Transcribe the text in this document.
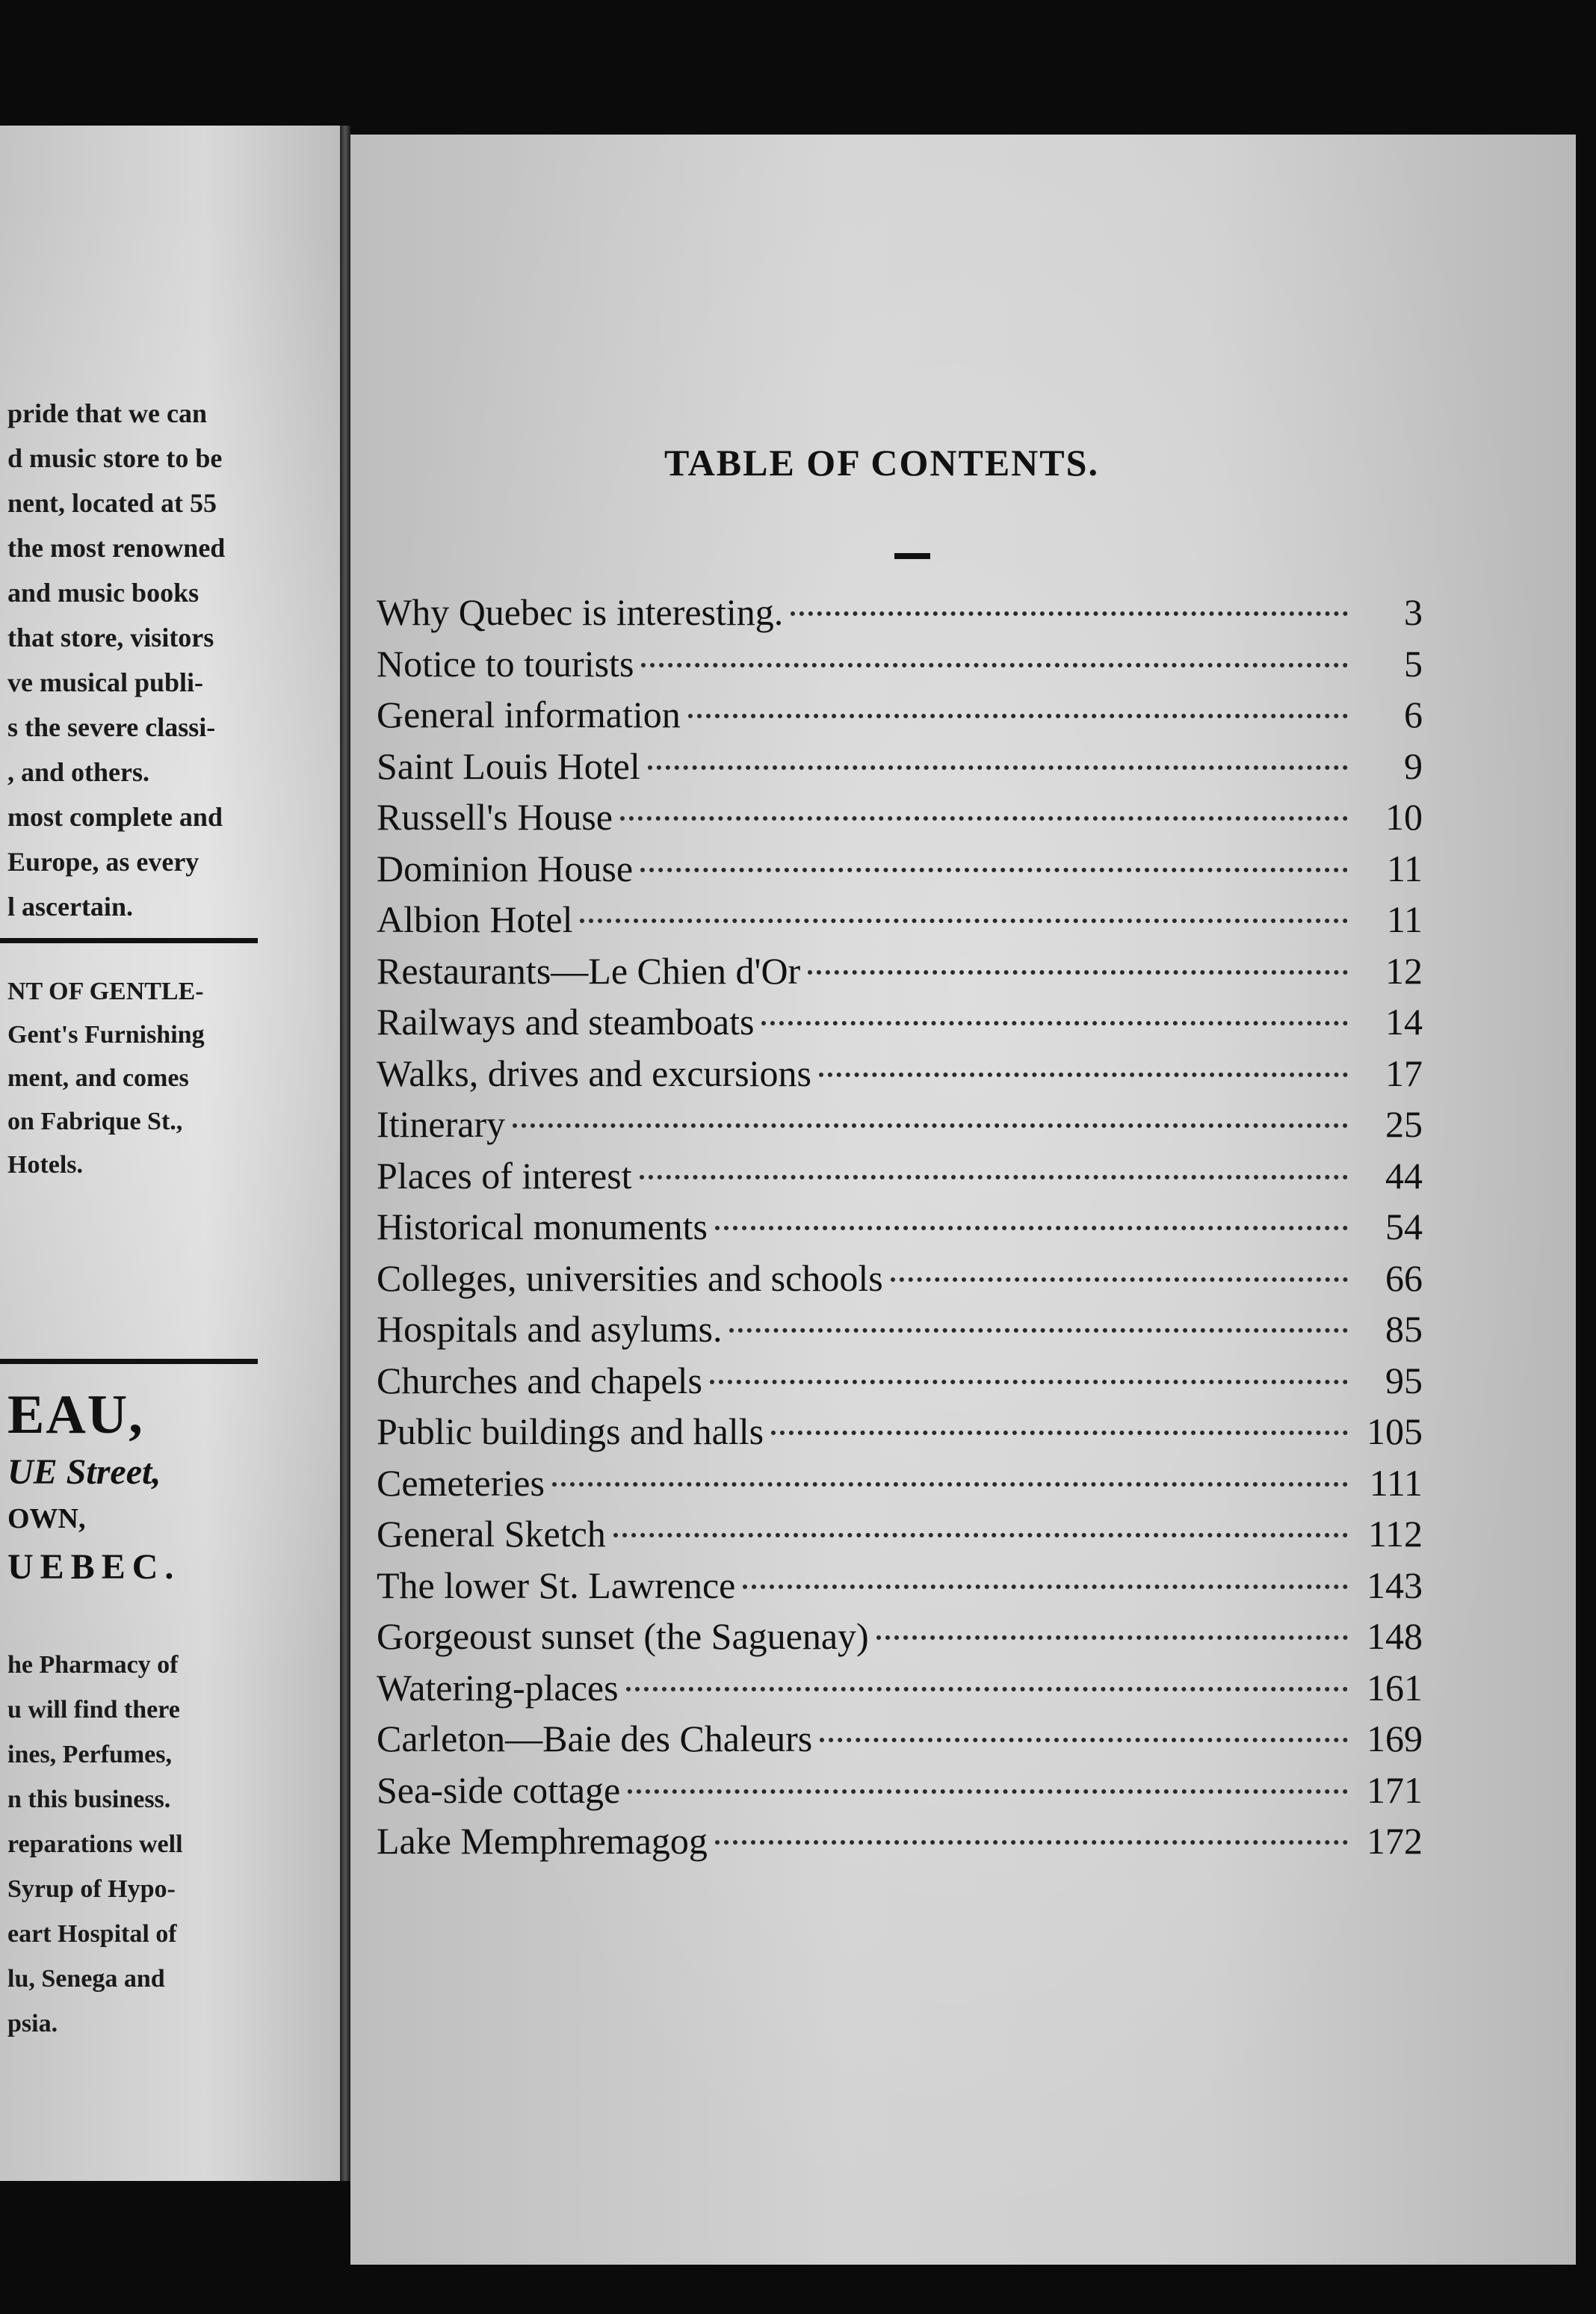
pride that we can
d music store to be
nent, located at 55
the most renowned
and music books
that store, visitors
ve musical publi-
s the severe classi-
, and others.
most complete and
Europe, as every
l ascertain.
NT OF GENTLE-
Gent's Furnishing
ment, and comes
on Fabrique St.,
Hotels.
EAU,
UE Street,
OWN,
UEBEC.
he Pharmacy of
u will find there
ines, Perfumes,
n this business.
reparations well
Syrup of Hypo-
eart Hospital of
lu, Senega and
psia.
TABLE OF CONTENTS.
Why Quebec is interesting.	3
Notice to tourists	5
General information	6
Saint Louis Hotel	9
Russell's House	10
Dominion House	11
Albion Hotel	11
Restaurants—Le Chien d'Or	12
Railways and steamboats	14
Walks, drives and excursions	17
Itinerary	25
Places of interest	44
Historical monuments	54
Colleges, universities and schools	66
Hospitals and asylums.	85
Churches and chapels	95
Public buildings and halls	105
Cemeteries	111
General Sketch	112
The lower St. Lawrence	143
Gorgeoust sunset (the Saguenay)	148
Watering-places	161
Carleton—Baie des Chaleurs	169
Sea-side cottage	171
Lake Memphremagog	172
